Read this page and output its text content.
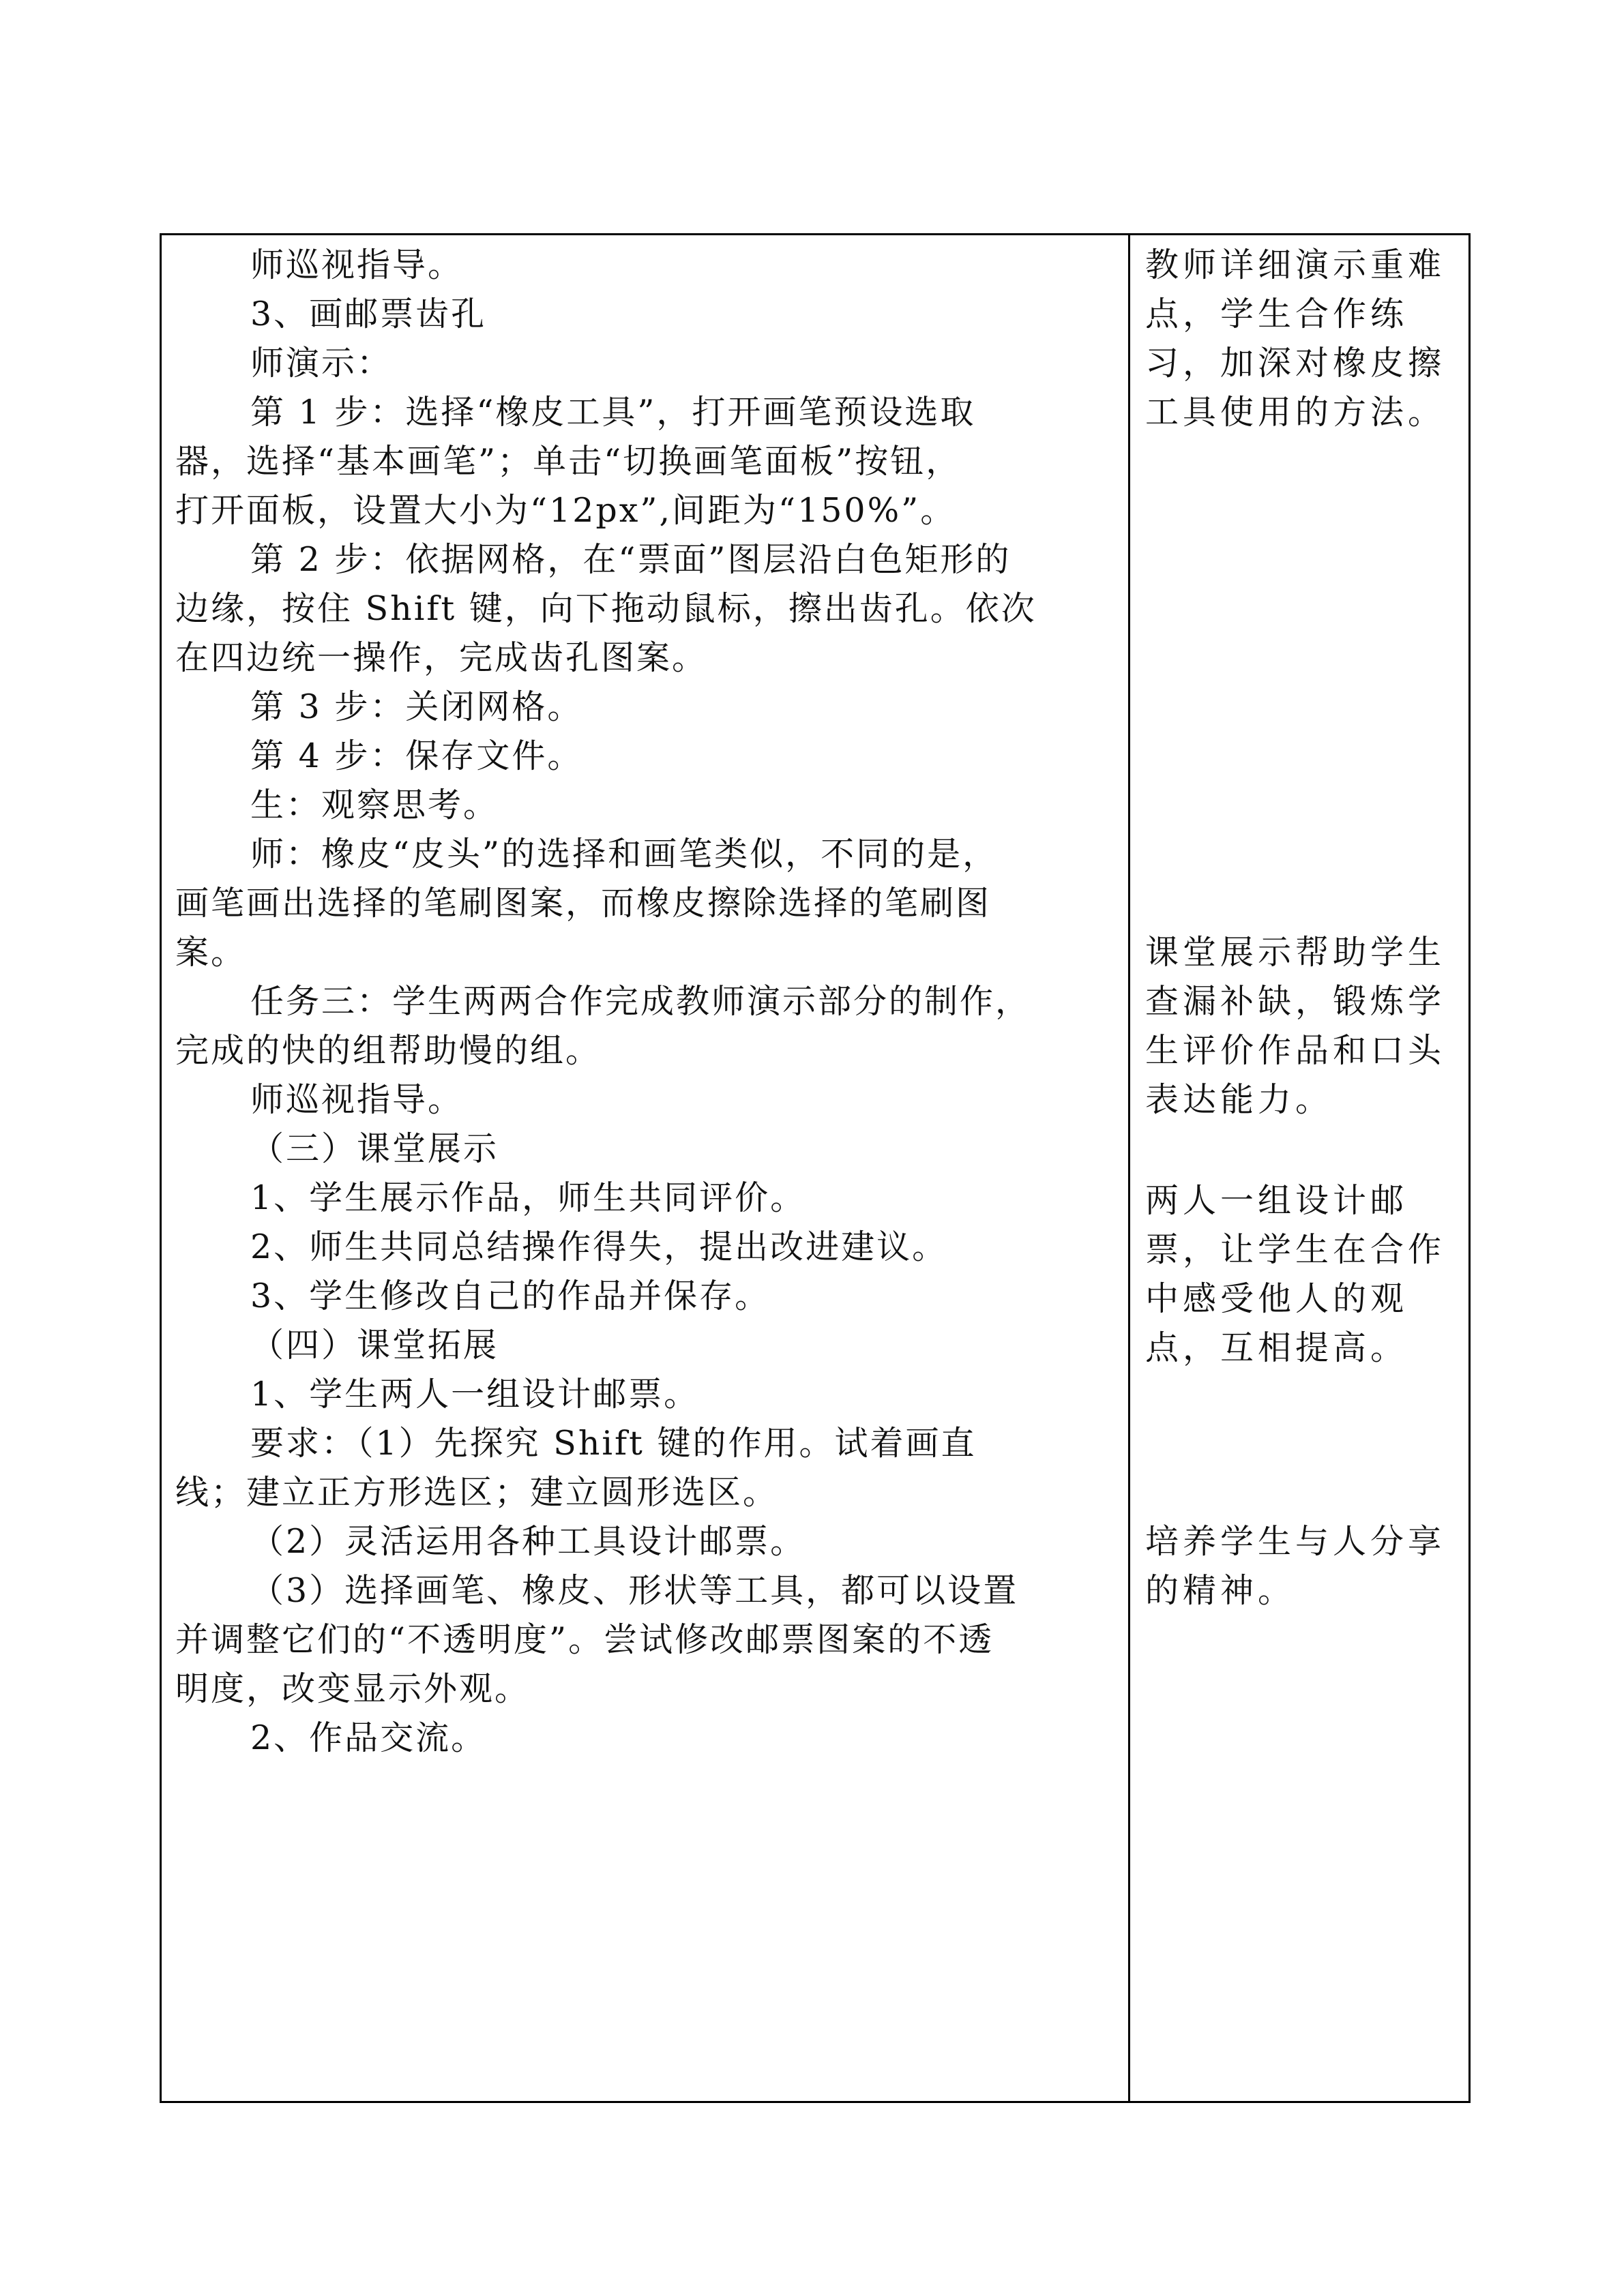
师巡视指导。
3、画邮票齿孔
师演示：
第 1 步：选择“橡皮工具”，打开画笔预设选取
器，选择“基本画笔”；单击“切换画笔面板”按钮，
打开面板，设置大小为“12px”,间距为“150%”。
第 2 步：依据网格，在“票面”图层沿白色矩形的
边缘，按住 Shift 键，向下拖动鼠标，擦出齿孔。依次
在四边统一操作，完成齿孔图案。
第 3 步：关闭网格。
第 4 步：保存文件。
生：观察思考。
师：橡皮“皮头”的选择和画笔类似，不同的是，
画笔画出选择的笔刷图案，而橡皮擦除选择的笔刷图
案。
任务三：学生两两合作完成教师演示部分的制作，
完成的快的组帮助慢的组。
师巡视指导。
（三）课堂展示
1、学生展示作品，师生共同评价。
2、师生共同总结操作得失，提出改进建议。
3、学生修改自己的作品并保存。
（四）课堂拓展
1、学生两人一组设计邮票。
要求：（1）先探究 Shift 键的作用。试着画直
线；建立正方形选区；建立圆形选区。
（2）灵活运用各种工具设计邮票。
（3）选择画笔、橡皮、形状等工具，都可以设置
并调整它们的“不透明度”。尝试修改邮票图案的不透
明度，改变显示外观。
2、作品交流。
教师详细演示重难
点，学生合作练
习，加深对橡皮擦
工具使用的方法。
课堂展示帮助学生
查漏补缺，锻炼学
生评价作品和口头
表达能力。
两人一组设计邮
票，让学生在合作
中感受他人的观
点，互相提高。
培养学生与人分享
的精神。
